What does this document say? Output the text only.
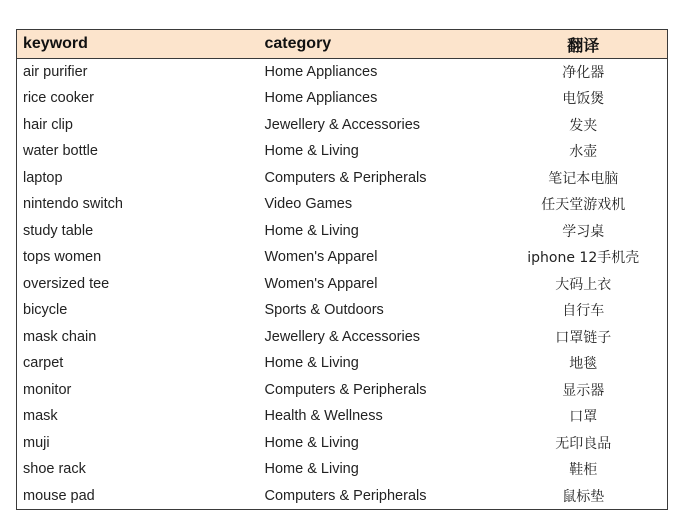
keyword	category	翻译
air purifier	Home Appliances	净化器
rice cooker	Home Appliances	电饭煲
hair clip	Jewellery & Accessories	发夹
water bottle	Home & Living	水壶
laptop	Computers & Peripherals	笔记本电脑
nintendo switch	Video Games	任天堂游戏机
study table	Home & Living	学习桌
tops women	Women's Apparel	iphone 12手机壳
oversized tee	Women's Apparel	大码上衣
bicycle	Sports & Outdoors	自行车
mask chain	Jewellery & Accessories	口罩链子
carpet	Home & Living	地毯
monitor	Computers & Peripherals	显示器
mask	Health & Wellness	口罩
muji	Home & Living	无印良品
shoe rack	Home & Living	鞋柜
mouse pad	Computers & Peripherals	鼠标垫
